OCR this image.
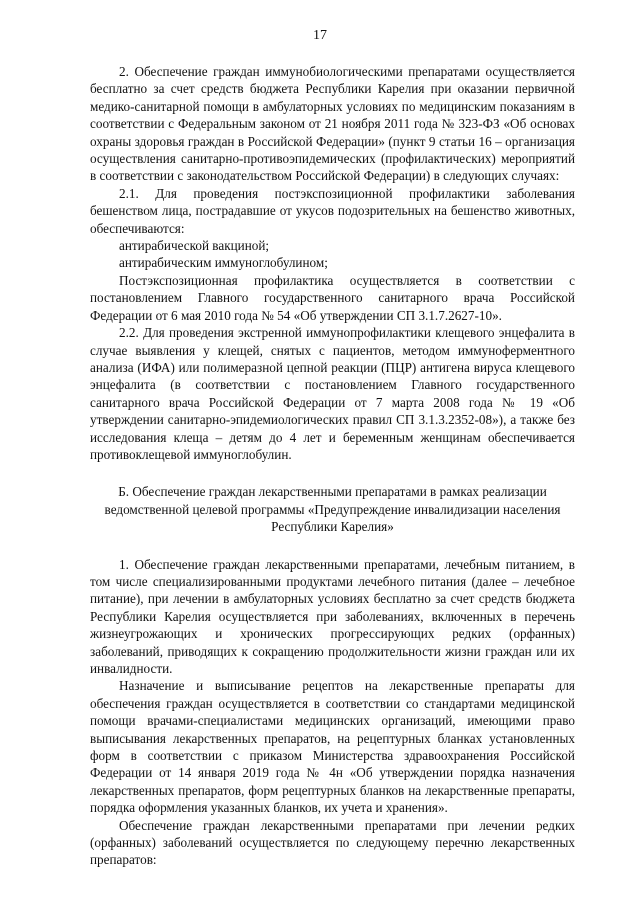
17

2. Обеспечение граждан иммунобиологическими препаратами осуществляется бесплатно за счет средств бюджета Республики Карелия при оказании первичной медико-санитарной помощи в амбулаторных условиях по медицинским показаниям в соответствии с Федеральным законом от 21 ноября 2011 года № 323-ФЗ «Об основах охраны здоровья граждан в Российской Федерации» (пункт 9 статьи 16 – организация осуществления санитарно-противоэпидемических (профилактических) мероприятий в соответствии с законодательством Российской Федерации) в следующих случаях:

2.1. Для проведения постэкспозиционной профилактики заболевания бешенством лица, пострадавшие от укусов подозрительных на бешенство животных, обеспечиваются:

антирабической вакциной;

антирабическим иммуноглобулином;

Постэкспозиционная профилактика осуществляется в соответствии с постановлением Главного государственного санитарного врача Российской Федерации от 6 мая 2010 года № 54 «Об утверждении СП 3.1.7.2627-10».

2.2. Для проведения экстренной иммунопрофилактики клещевого энцефалита в случае выявления у клещей, снятых с пациентов, методом иммуноферментного анализа (ИФА) или полимеразной цепной реакции (ПЦР) антигена вируса клещевого энцефалита (в соответствии с постановлением Главного государственного санитарного врача Российской Федерации от 7 марта 2008 года № 19 «Об утверждении санитарно-эпидемиологических правил СП 3.1.3.2352-08»), а также без исследования клеща – детям до 4 лет и беременным женщинам обеспечивается противоклещевой иммуноглобулин.

Б. Обеспечение граждан лекарственными препаратами в рамках реализации ведомственной целевой программы «Предупреждение инвалидизации населения Республики Карелия»

1. Обеспечение граждан лекарственными препаратами, лечебным питанием, в том числе специализированными продуктами лечебного питания (далее – лечебное питание), при лечении в амбулаторных условиях бесплатно за счет средств бюджета Республики Карелия осуществляется при заболеваниях, включенных в перечень жизнеугрожающих и хронических прогрессирующих редких (орфанных) заболеваний, приводящих к сокращению продолжительности жизни граждан или их инвалидности.

Назначение и выписывание рецептов на лекарственные препараты для обеспечения граждан осуществляется в соответствии со стандартами медицинской помощи врачами-специалистами медицинских организаций, имеющими право выписывания лекарственных препаратов, на рецептурных бланках установленных форм в соответствии с приказом Министерства здравоохранения Российской Федерации от 14 января 2019 года № 4н «Об утверждении порядка назначения лекарственных препаратов, форм рецептурных бланков на лекарственные препараты, порядка оформления указанных бланков, их учета и хранения».

Обеспечение граждан лекарственными препаратами при лечении редких (орфанных) заболеваний осуществляется по следующему перечню лекарственных препаратов:
